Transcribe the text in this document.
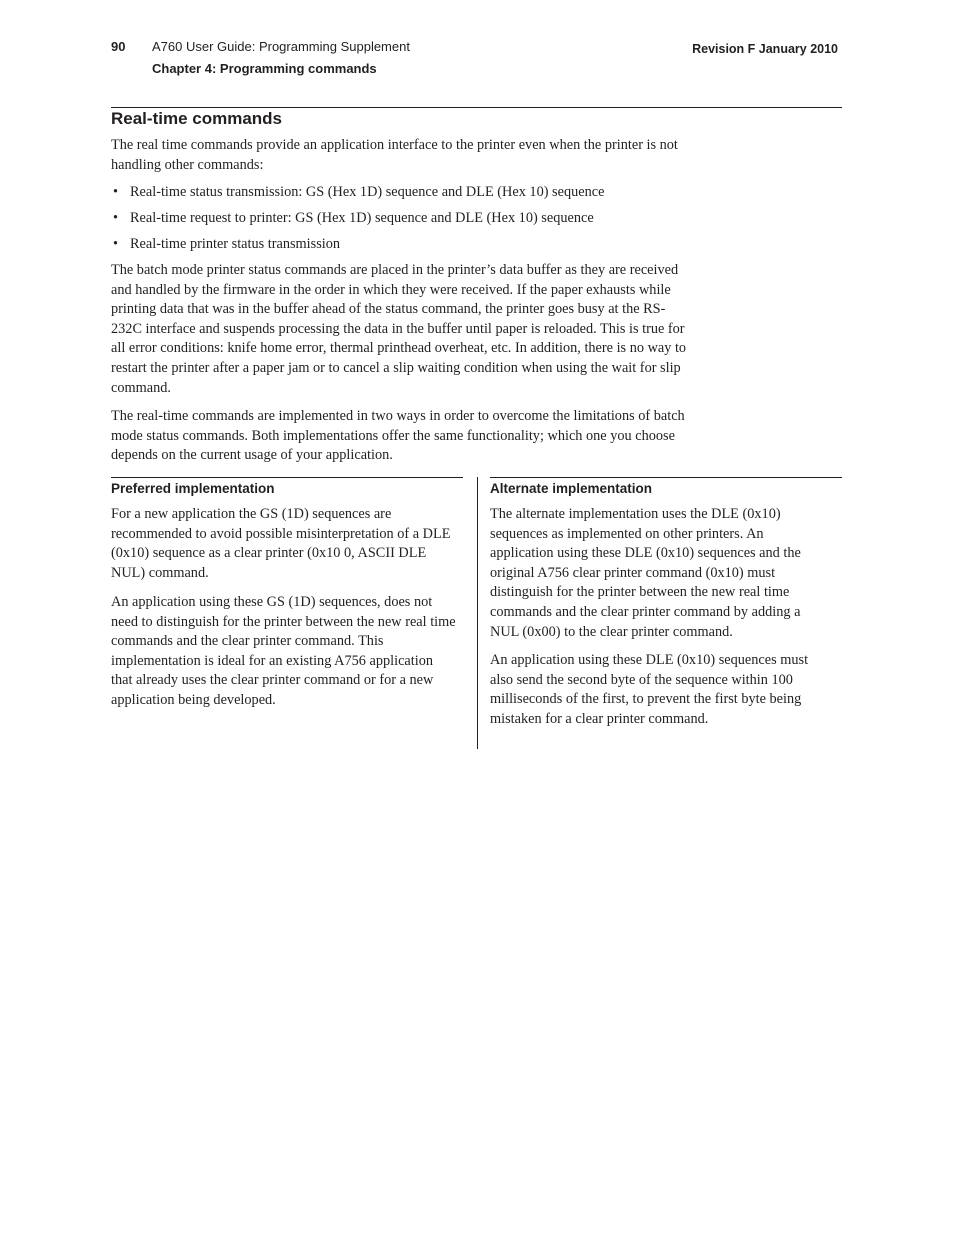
90 A760 User Guide: Programming Supplement
Chapter 4: Programming commands
Revision F January 2010
Real-time commands

The real time commands provide an application interface to the printer even when the printer is not handling other commands:

• Real-time status transmission: GS (Hex 1D) sequence and DLE (Hex 10) sequence
• Real-time request to printer: GS (Hex 1D) sequence and DLE (Hex 10) sequence
• Real-time printer status transmission

The batch mode printer status commands are placed in the printer’s data buffer as they are received and handled by the firmware in the order in which they were received. If the paper exhausts while printing data that was in the buffer ahead of the status command, the printer goes busy at the RS-232C interface and suspends processing the data in the buffer until paper is reloaded. This is true for all error conditions: knife home error, thermal printhead overheat, etc. In addition, there is no way to restart the printer after a paper jam or to cancel a slip waiting condition when using the wait for slip command.

The real-time commands are implemented in two ways in order to overcome the limitations of batch mode status commands. Both implementations offer the same functionality; which one you choose depends on the current usage of your application.

Preferred implementation

For a new application the GS (1D) sequences are recommended to avoid possible misinterpretation of a DLE (0x10) sequence as a clear printer (0x10 0, ASCII DLE NUL) command.

An application using these GS (1D) sequences, does not need to distinguish for the printer between the new real time commands and the clear printer command. This implementation is ideal for an existing A756 application that already uses the clear printer command or for a new application being developed.

Alternate implementation

The alternate implementation uses the DLE (0x10) sequences as implemented on other printers. An application using these DLE (0x10) sequences and the original A756 clear printer command (0x10) must distinguish for the printer between the new real time commands and the clear printer command by adding a NUL (0x00) to the clear printer command.

An application using these DLE (0x10) sequences must also send the second byte of the sequence within 100 milliseconds of the first, to prevent the first byte being mistaken for a clear printer command.
